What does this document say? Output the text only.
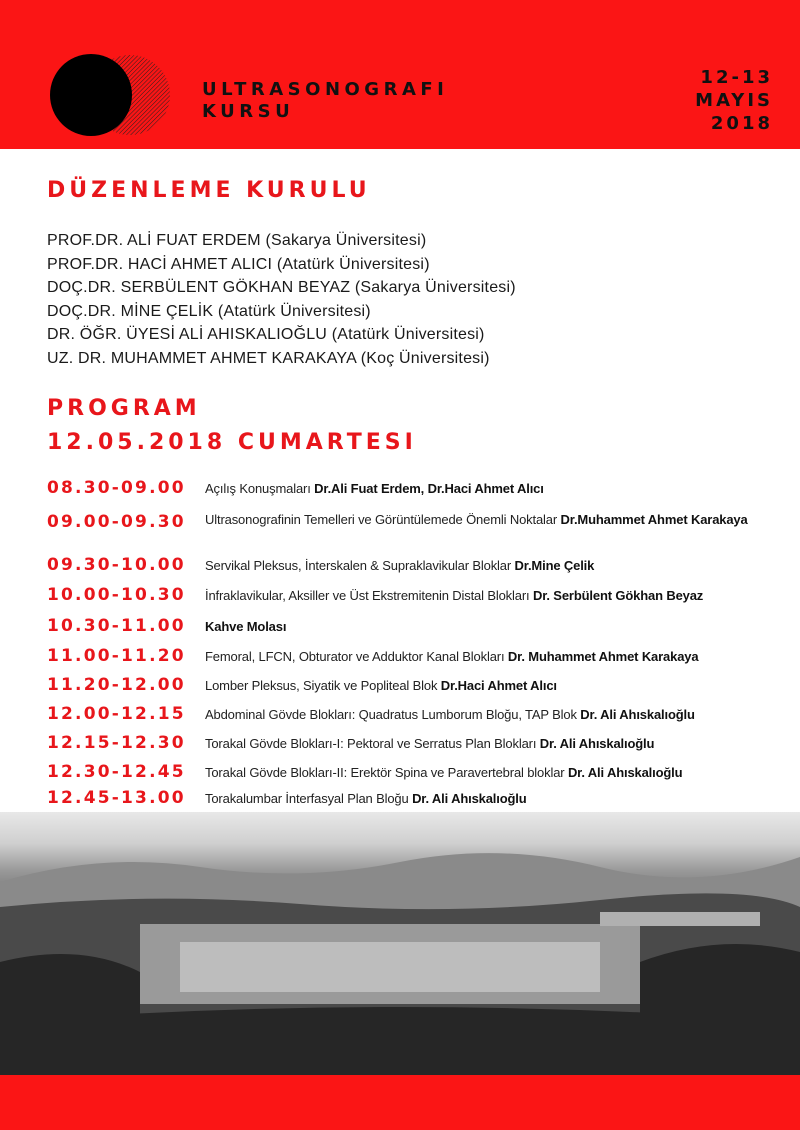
ULTRASONOGRAFI
KURSU
12-13
MAYIS
2018
DÜZENLEME KURULU
PROF.DR. ALİ FUAT ERDEM (Sakarya Üniversitesi)
PROF.DR. HACİ AHMET ALICI (Atatürk Üniversitesi)
DOÇ.DR. SERBÜLENT GÖKHAN BEYAZ (Sakarya Üniversitesi)
DOÇ.DR. MİNE ÇELİK (Atatürk Üniversitesi)
DR. ÖĞR. ÜYESİ ALİ AHISKALIOĞLU (Atatürk Üniversitesi)
UZ. DR. MUHAMMET AHMET KARAKAYA (Koç Üniversitesi)
PROGRAM
12.05.2018 CUMARTESI
08.30-09.00	Açılış Konuşmaları Dr.Ali Fuat Erdem, Dr.Haci Ahmet Alıcı
09.00-09.30	Ultrasonografinin Temelleri ve Görüntülemede Önemli Noktalar Dr.Muhammet Ahmet Karakaya
09.30-10.00	Servikal Pleksus, İnterskalen & Supraklavikular Bloklar Dr.Mine Çelik
10.00-10.30	İnfraklavikular, Aksiller ve Üst Ekstremitenin Distal Blokları Dr. Serbülent Gökhan Beyaz
10.30-11.00	Kahve Molası
11.00-11.20	Femoral, LFCN, Obturator ve Adduktor Kanal Blokları Dr. Muhammet Ahmet Karakaya
11.20-12.00	Lomber Pleksus, Siyatik ve Popliteal Blok Dr.Haci Ahmet Alıcı
12.00-12.15	Abdominal Gövde Blokları: Quadratus Lumborum Bloğu, TAP Blok Dr. Ali Ahıskalıoğlu
12.15-12.30	Torakal Gövde Blokları-I: Pektoral ve Serratus Plan Blokları Dr. Ali Ahıskalıoğlu
12.30-12.45	Torakal Gövde Blokları-II: Erektör Spina ve Paravertebral bloklar Dr. Ali Ahıskalıoğlu
12.45-13.00	Torakalumbar İnterfasyal Plan Bloğu Dr. Ali Ahıskalıoğlu
